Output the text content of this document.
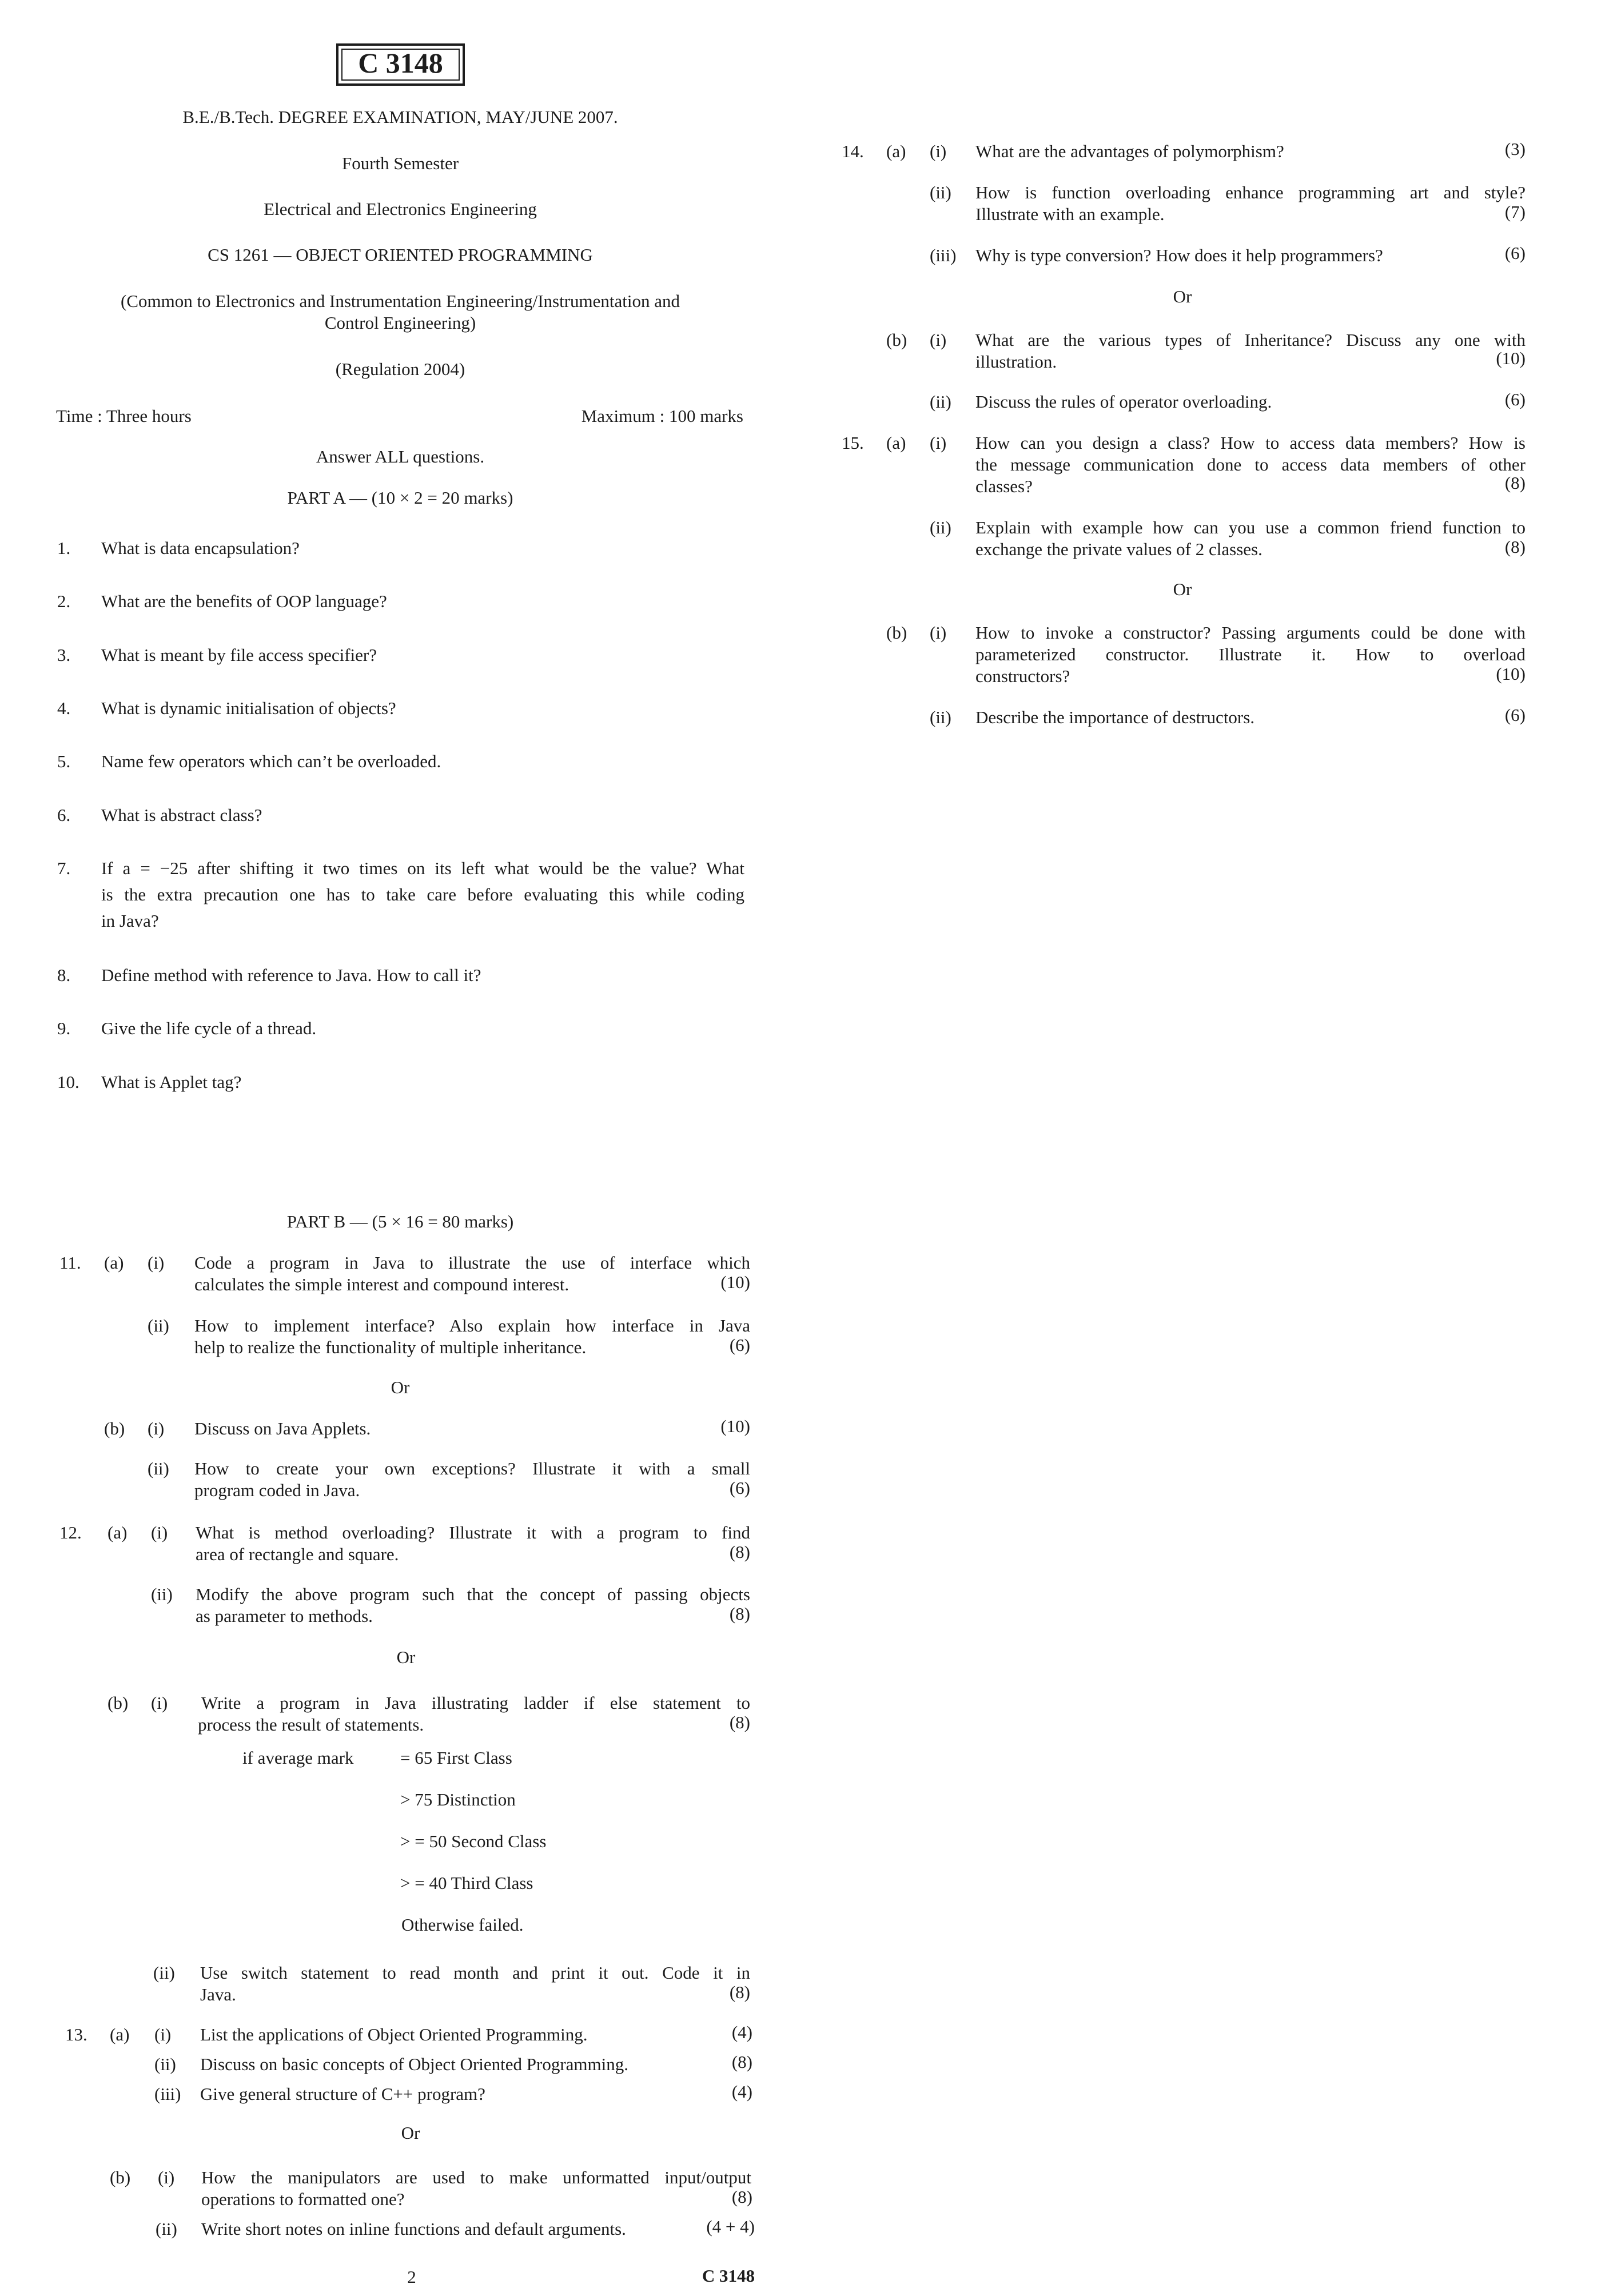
C 3148
B.E./B.Tech. DEGREE EXAMINATION, MAY/JUNE 2007.
Fourth Semester
Electrical and Electronics Engineering
CS 1261 — OBJECT ORIENTED PROGRAMMING
(Common to Electronics and Instrumentation Engineering/Instrumentation and
Control Engineering)
(Regulation 2004)
Time : Three hours	Maximum : 100 marks
Answer ALL questions.
PART A — (10 × 2 = 20 marks)
1. What is data encapsulation?
2. What are the benefits of OOP language?
3. What is meant by file access specifier?
4. What is dynamic initialisation of objects?
5. Name few operators which can’t be overloaded.
6. What is abstract class?
7. If a = −25 after shifting it two times on its left what would be the value? What
is the extra precaution one has to take care before evaluating this while coding
in Java?
8. Define method with reference to Java. How to call it?
9. Give the life cycle of a thread.
10. What is Applet tag?
PART B — (5 × 16 = 80 marks)
11. (a) (i) Code a program in Java to illustrate the use of interface which
calculates the simple interest and compound interest.	(10)
(ii) How to implement interface? Also explain how interface in Java
help to realize the functionality of multiple inheritance.	(6)
Or
(b) (i) Discuss on Java Applets.	(10)
(ii) How to create your own exceptions? Illustrate it with a small
program coded in Java.	(6)
12. (a) (i) What is method overloading? Illustrate it with a program to find
area of rectangle and square.	(8)
(ii) Modify the above program such that the concept of passing objects
as parameter to methods.	(8)
Or
(b) (i) Write a program in Java illustrating ladder if else statement to
process the result of statements.	(8)
if average mark	= 65 First Class
> 75 Distinction
> = 50 Second Class
> = 40 Third Class
Otherwise failed.
(ii) Use switch statement to read month and print it out. Code it in
Java.	(8)
13. (a) (i) List the applications of Object Oriented Programming.	(4)
(ii) Discuss on basic concepts of Object Oriented Programming.	(8)
(iii) Give general structure of C++ program?	(4)
Or
(b) (i) How the manipulators are used to make unformatted input/output
operations to formatted one?	(8)
(ii) Write short notes on inline functions and default arguments.	(4 + 4)
2	C 3148
14. (a) (i) What are the advantages of polymorphism?	(3)
(ii) How is function overloading enhance programming art and style?
Illustrate with an example.	(7)
(iii) Why is type conversion? How does it help programmers?	(6)
Or
(b) (i) What are the various types of Inheritance? Discuss any one with
illustration.	(10)
(ii) Discuss the rules of operator overloading.	(6)
15. (a) (i) How can you design a class? How to access data members? How is
the message communication done to access data members of other
classes?	(8)
(ii) Explain with example how can you use a common friend function to
exchange the private values of 2 classes.	(8)
Or
(b) (i) How to invoke a constructor? Passing arguments could be done with
parameterized constructor. Illustrate it. How to overload
constructors?	(10)
(ii) Describe the importance of destructors.	(6)
